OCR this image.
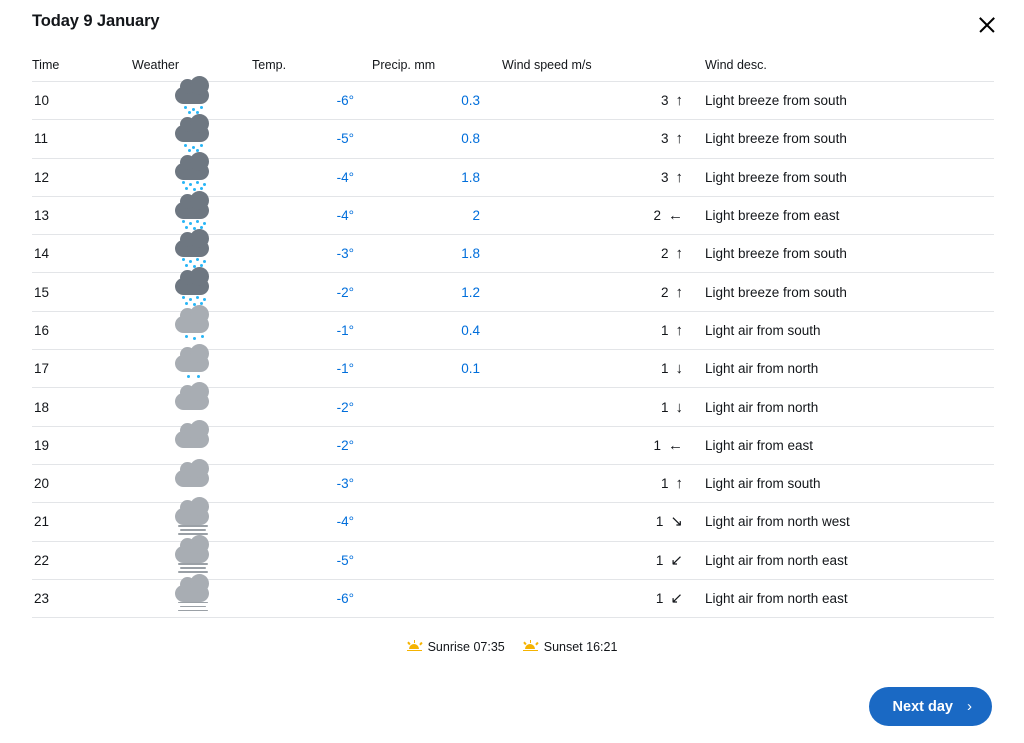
Today 9 January
Time	Weather	Temp.	Precip. mm	Wind speed m/s	Wind desc.
10		-6°	0.3	3 ↑	Light breeze from south
11		-5°	0.8	3 ↑	Light breeze from south
12		-4°	1.8	3 ↑	Light breeze from south
13		-4°	2	2 ←	Light breeze from east
14		-3°	1.8	2 ↑	Light breeze from south
15		-2°	1.2	2 ↑	Light breeze from south
16		-1°	0.4	1 ↑	Light air from south
17		-1°	0.1	1 ↓	Light air from north
18		-2°		1 ↓	Light air from north
19		-2°		1 ←	Light air from east
20		-3°		1 ↑	Light air from south
21		-4°		1 ↘	Light air from north west
22		-5°		1 ↙	Light air from north east
23		-6°		1 ↙	Light air from north east
Sunrise 07:35	Sunset 16:21
Next day ›
